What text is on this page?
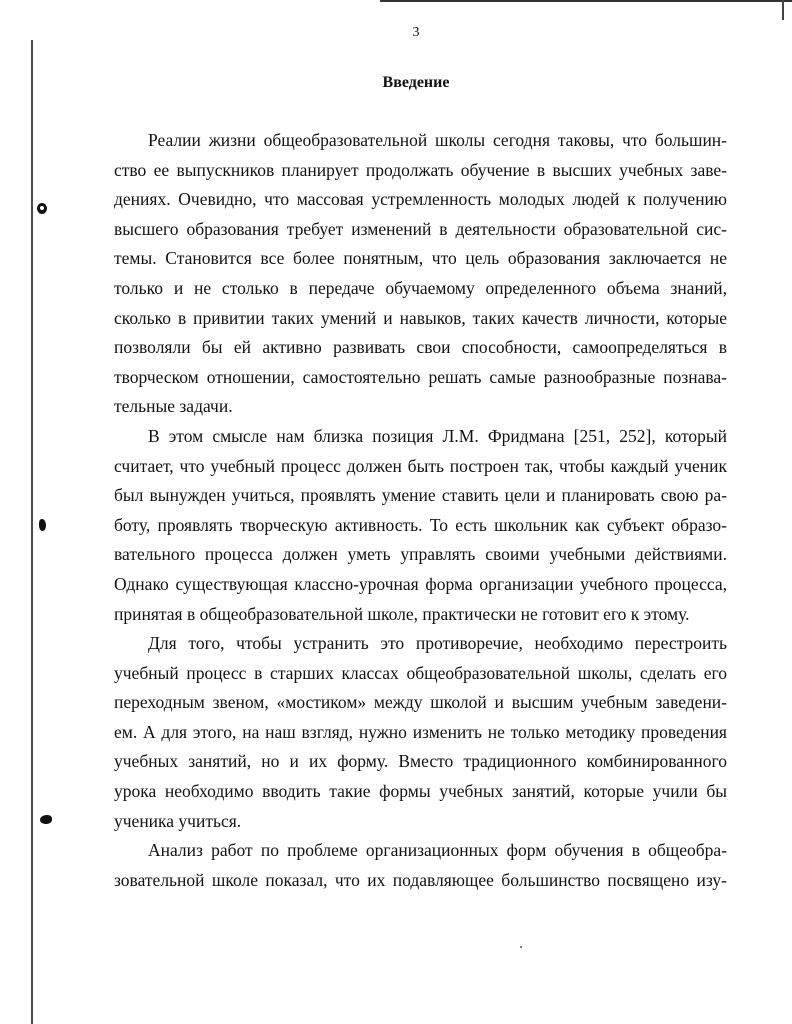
3
Введение
Реалии жизни общеобразовательной школы сегодня таковы, что большин-
ство ее выпускников планирует продолжать обучение в высших учебных заве-
дениях. Очевидно, что массовая устремленность молодых людей к получению
высшего образования требует изменений в деятельности образовательной сис-
темы. Становится все более понятным, что цель образования заключается не
только и не столько в передаче обучаемому определенного объема знаний,
сколько в привитии таких умений и навыков, таких качеств личности, которые
позволяли бы ей активно развивать свои способности, самоопределяться в
творческом отношении, самостоятельно решать самые разнообразные познава-
тельные задачи.
В этом смысле нам близка позиция Л.М. Фридмана [251, 252], который
считает, что учебный процесс должен быть построен так, чтобы каждый ученик
был вынужден учиться, проявлять умение ставить цели и планировать свою ра-
боту, проявлять творческую активность. То есть школьник как субъект образо-
вательного процесса должен уметь управлять своими учебными действиями.
Однако существующая классно-урочная форма организации учебного процесса,
принятая в общеобразовательной школе, практически не готовит его к этому.
Для того, чтобы устранить это противоречие, необходимо перестроить
учебный процесс в старших классах общеобразовательной школы, сделать его
переходным звеном, «мостиком» между школой и высшим учебным заведени-
ем. А для этого, на наш взгляд, нужно изменить не только методику проведения
учебных занятий, но и их форму. Вместо традиционного комбинированного
урока необходимо вводить такие формы учебных занятий, которые учили бы
ученика учиться.
Анализ работ по проблеме организационных форм обучения в общеобра-
зовательной школе показал, что их подавляющее большинство посвящено изу-
